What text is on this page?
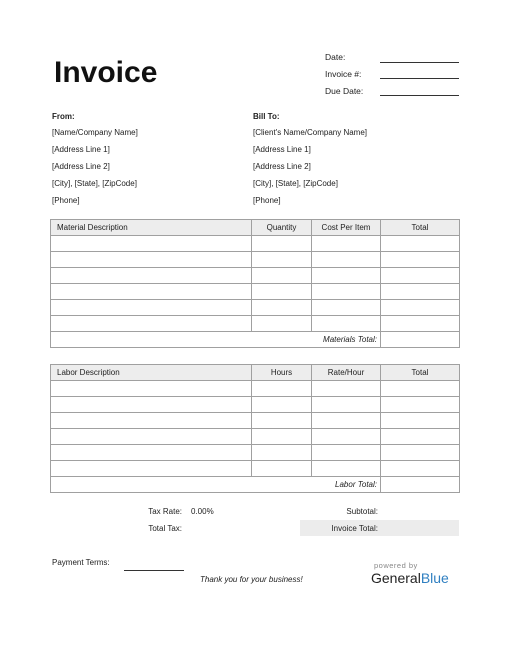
Invoice	Date:
Invoice #:
Due Date:
From:
[Name/Company Name]
[Address Line 1]
[Address Line 2]
[City], [State], [ZipCode]
[Phone]
Bill To:
[Client's Name/Company Name]
[Address Line 1]
[Address Line 2]
[City], [State], [ZipCode]
[Phone]
Material Description	Quantity	Cost Per Item	Total

Materials Total:			
Labor Description	Hours	Rate/Hour	Total

Labor Total:			
Tax Rate: 0.00%
Total Tax:
Subtotal:
Invoice Total:
Payment Terms:
Thank you for your business!
powered by
GeneralBlue
